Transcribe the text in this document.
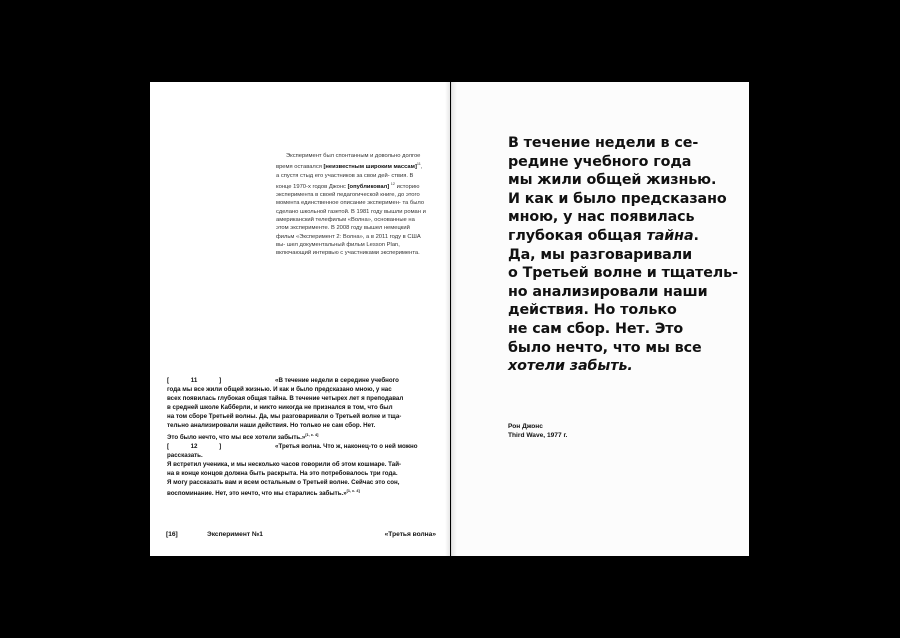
Эксперимент был спонтанным и довольно долгое время оставался [неизвестным широким массам]$^{11}$, а спустя стыд его участников за свои дей- ствия. В конце 1970-х годов Джонс [опубликовал] $^{12}$ историю эксперимента в своей педагогической книге, до этого момента единственное описание эксперимен- та было сделано школьной газетой. В 1981 году вышли роман и американский телефильм «Волна», основанные на этом эксперименте. В 2008 году вышел немецкий фильм «Эксперимент 2: Волна», а в 2011 году в США вы- шел документальный фильм Lesson Plan, включающий интервью с участниками эксперимента.

[	11	]	«В течение недели в середине учебного
года мы все жили общей жизнью. И как и было предсказано мною, у нас
всех появилась глубокая общая тайна. В течение четырех лет я преподавал
в средней школе Кабберли, и никто никогда не признался в том, что был
на том сборе Третьей волны. Да, мы разговаривали о Третьей волне и тща-
тельно анализировали наши действия. Но только не сам сбор. Нет.
Это было нечто, что мы все хотели забыть.»[1, с. 4]

[	12	]	«Третья волна. Что ж, наконец-то о ней можно рассказать.
Я встретил ученика, и мы несколько часов говорили об этом кошмаре. Тай-
на в конце концов должна быть раскрыта. На это потребовалось три года.
Я могу рассказать вам и всем остальным о Третьей волне. Сейчас это сон,
воспоминание. Нет, это нечто, что мы старались забыть.»[1, с. 4]

[16]	Эксперимент №1	«Третья волна»
В течение недели в се-
редине учебного года
мы жили общей жизнью.
И как и было предсказано
мною, у нас появилась
глубокая общая тайна.
Да, мы разговаривали
о Третьей волне и тщатель-
но анализировали наши
действия. Но только
не сам сбор. Нет. Это
было нечто, что мы все
хотели забыть.
Рон Джонс
Third Wave, 1977 г.
